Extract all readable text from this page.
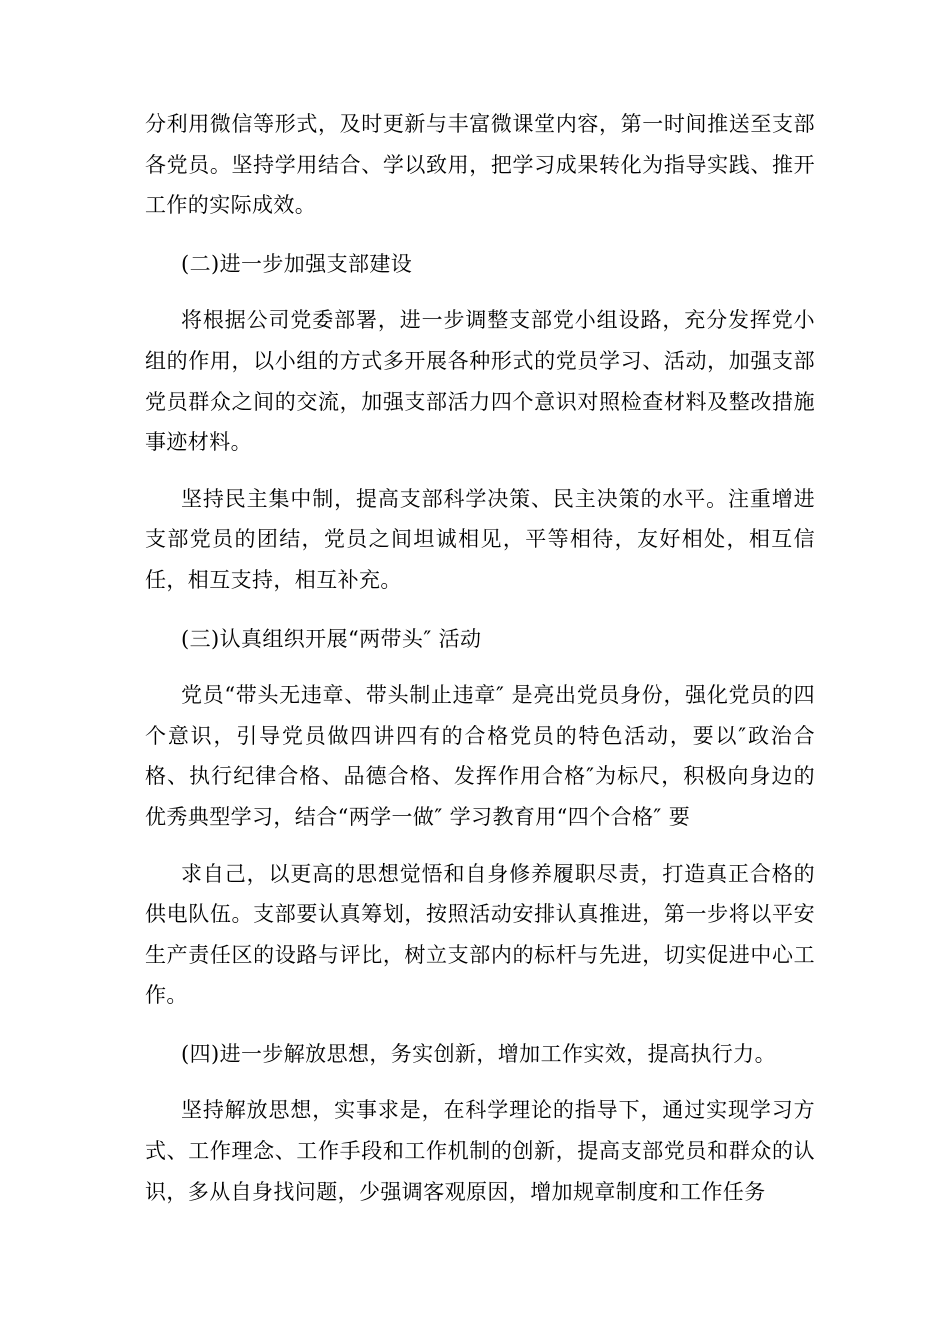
分利用微信等形式，及时更新与丰富微课堂内容，第一时间推送至支部各党员。坚持学用结合、学以致用，把学习成果转化为指导实践、推开工作的实际成效。

(二)进一步加强支部建设

将根据公司党委部署，进一步调整支部党小组设路，充分发挥党小组的作用，以小组的方式多开展各种形式的党员学习、活动，加强支部党员群众之间的交流，加强支部活力四个意识对照检查材料及整改措施事迹材料。

坚持民主集中制，提高支部科学决策、民主决策的水平。注重增进支部党员的团结，党员之间坦诚相见，平等相待，友好相处，相互信任，相互支持，相互补充。

(三)认真组织开展“两带头″ 活动

党员“带头无违章、带头制止违章″ 是亮出党员身份，强化党员的四个意识，引导党员做四讲四有的合格党员的特色活动，要以″政治合格、执行纪律合格、品德合格、发挥作用合格″为标尺，积极向身边的优秀典型学习，结合“两学一做″ 学习教育用“四个合格″ 要

求自己，以更高的思想觉悟和自身修养履职尽责，打造真正合格的供电队伍。支部要认真筹划，按照活动安排认真推进，第一步将以平安生产责任区的设路与评比，树立支部内的标杆与先进，切实促进中心工作。

(四)进一步解放思想，务实创新，增加工作实效，提高执行力。

坚持解放思想，实事求是，在科学理论的指导下，通过实现学习方式、工作理念、工作手段和工作机制的创新，提高支部党员和群众的认识，多从自身找问题，少强调客观原因，增加规章制度和工作任务
